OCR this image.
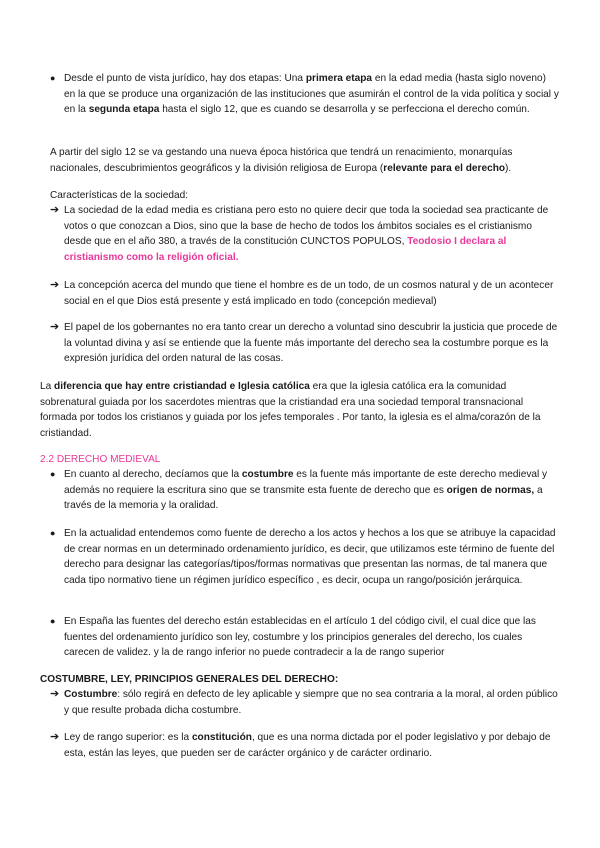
● Desde el punto de vista jurídico, hay dos etapas: Una primera etapa en la edad media (hasta siglo noveno) en la que se produce una organización de las instituciones que asumirán el control de la vida política y social y en la segunda etapa hasta el siglo 12, que es cuando se desarrolla y se perfecciona el derecho común.

A partir del siglo 12 se va gestando una nueva época histórica que tendrá un renacimiento, monarquías nacionales, descubrimientos geográficos y la división religiosa de Europa (relevante para el derecho).

Características de la sociedad:

➔ La sociedad de la edad media es cristiana pero esto no quiere decir que toda la sociedad sea practicante de votos o que conozcan a Dios, sino que la base de hecho de todos los ámbitos sociales es el cristianismo desde que en el año 380, a través de la constitución CUNCTOS POPULOS, Teodosio I declara al cristianismo como la religión oficial.

➔ La concepción acerca del mundo que tiene el hombre es de un todo, de un cosmos natural y de un acontecer social en el que Dios está presente y está implicado en todo (concepción medieval)

➔ El papel de los gobernantes no era tanto crear un derecho a voluntad sino descubrir la justicia que procede de la voluntad divina y así se entiende que la fuente más importante del derecho sea la costumbre porque es la expresión jurídica del orden natural de las cosas.

La diferencia que hay entre cristiandad e Iglesia católica era que la iglesia católica era la comunidad sobrenatural guiada por los sacerdotes mientras que la cristiandad era una sociedad temporal transnacional formada por todos los cristianos y guiada por los jefes temporales . Por tanto, la iglesia es el alma/corazón de la cristiandad.

2.2 DERECHO MEDIEVAL

● En cuanto al derecho, decíamos que la costumbre es la fuente más importante de este derecho medieval y además no requiere la escritura sino que se transmite esta fuente de derecho que es origen de normas, a través de la memoria y la oralidad.

● En la actualidad entendemos como fuente de derecho a los actos y hechos a los que se atribuye la capacidad de crear normas en un determinado ordenamiento jurídico, es decir, que utilizamos este término de fuente del derecho para designar las categorías/tipos/formas normativas que presentan las normas, de tal manera que cada tipo normativo tiene un régimen jurídico específico , es decir, ocupa un rango/posición jerárquica.

● En España las fuentes del derecho están establecidas en el artículo 1 del código civil, el cual dice que las fuentes del ordenamiento jurídico son ley, costumbre y los principios generales del derecho, los cuales carecen de validez. y la de rango inferior no puede contradecir a la de rango superior

COSTUMBRE, LEY, PRINCIPIOS GENERALES DEL DERECHO:

➔ Costumbre: sólo regirá en defecto de ley aplicable y siempre que no sea contraria a la moral, al orden público y que resulte probada dicha costumbre.

➔ Ley de rango superior: es la constitución, que es una norma dictada por el poder legislativo y por debajo de esta, están las leyes, que pueden ser de carácter orgánico y de carácter ordinario.
